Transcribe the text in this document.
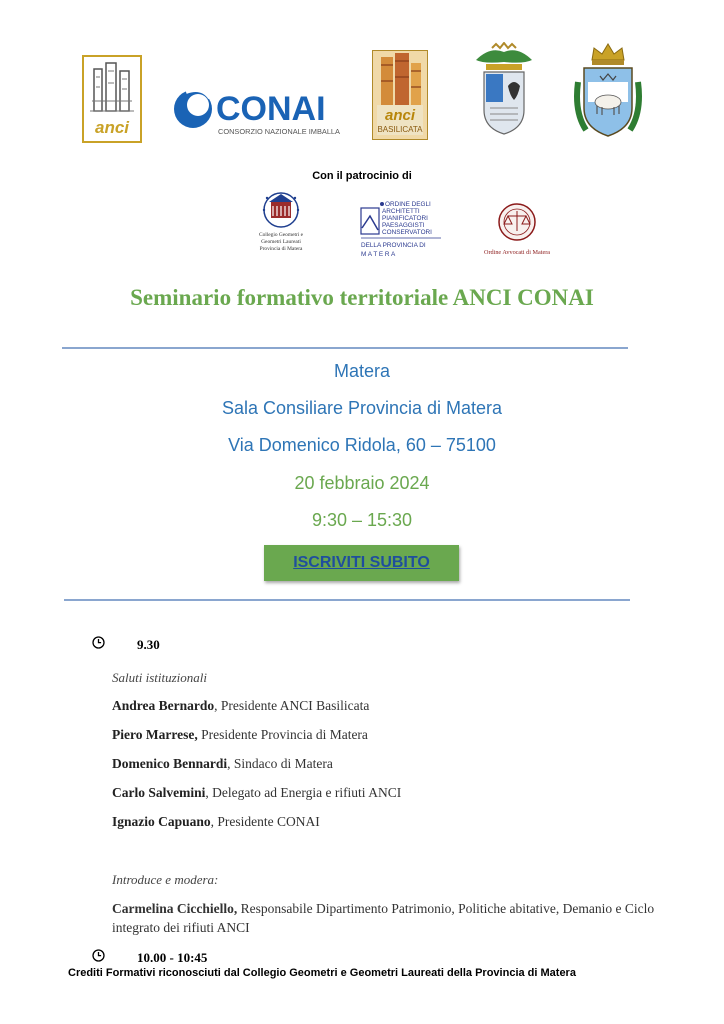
anci	CONAI
CONSORZIO NAZIONALE IMBALLAGGI
anci
BASILICATA
Con il patrocinio di
Collegio Geometri e
Geometri Laureati
Provincia di Matera
ORDINE DEGLI
ARCHITETTI
PIANIFICATORI
PAESAGGISTI
CONSERVATORI
DELLA PROVINCIA DI
M A T E R A	Ordine Avvocati di Matera
Seminario formativo territoriale ANCI CONAI
Matera
Sala Consiliare Provincia di Matera
Via Domenico Ridola, 60 – 75100
20 febbraio 2024
9:30 – 15:30
ISCRIVITI SUBITO
9.30
Saluti istituzionali
Andrea Bernardo, Presidente ANCI Basilicata
Piero Marrese, Presidente Provincia di Matera
Domenico Bennardi, Sindaco di Matera
Carlo Salvemini, Delegato ad Energia e rifiuti ANCI
Ignazio Capuano, Presidente CONAI
Introduce e modera:
Carmelina Cicchiello, Responsabile Dipartimento Patrimonio, Politiche abitative, Demanio e Ciclo integrato dei rifiuti ANCI
10.00 - 10:45
Crediti Formativi riconosciuti dal Collegio Geometri e Geometri Laureati della Provincia di Matera
